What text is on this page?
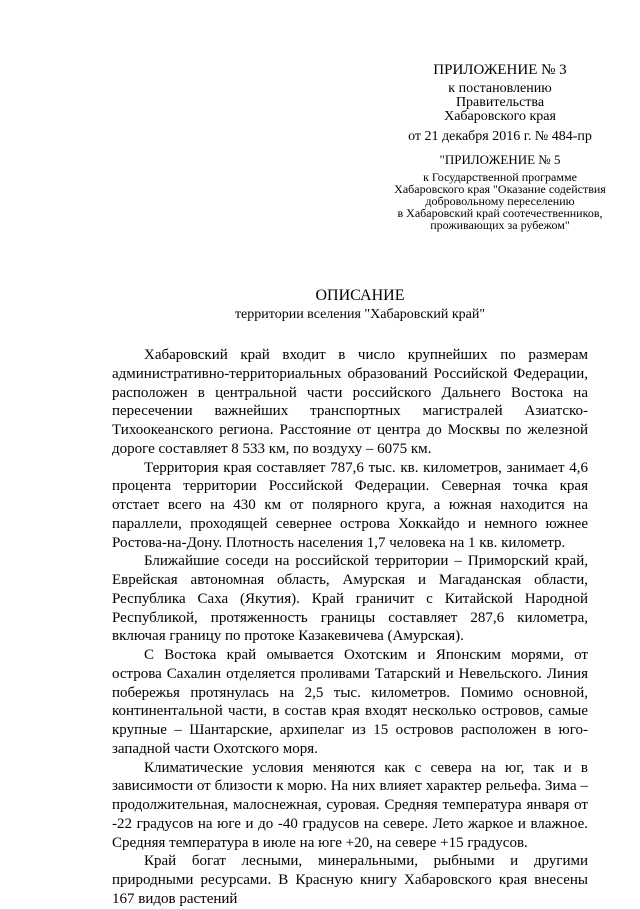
ПРИЛОЖЕНИЕ № 3
к постановлению
Правительства
Хабаровского края
от 21 декабря 2016 г. № 484-пр
"ПРИЛОЖЕНИЕ № 5
к Государственной программе
Хабаровского края "Оказание содействия
добровольному переселению
в Хабаровский край соотечественников,
проживающих за рубежом"
ОПИСАНИЕ
территории вселения "Хабаровский край"

Хабаровский край входит в число крупнейших по размерам административно-территориальных образований Российской Федерации, расположен в центральной части российского Дальнего Востока на пересечении важнейших транспортных магистралей Азиатско-Тихоокеанского региона. Расстояние от центра до Москвы по железной дороге составляет 8 533 км, по воздуху – 6075 км.

Территория края составляет 787,6 тыс. кв. километров, занимает 4,6 процента территории Российской Федерации. Северная точка края отстает всего на 430 км от полярного круга, а южная находится на параллели, проходящей севернее острова Хоккайдо и немного южнее Ростова-на-Дону. Плотность населения 1,7 человека на 1 кв. километр.

Ближайшие соседи на российской территории – Приморский край, Еврейская автономная область, Амурская и Магаданская области, Республика Саха (Якутия). Край граничит с Китайской Народной Республикой, протяженность границы составляет 287,6 километра, включая границу по протоке Казакевичева (Амурская).

С Востока край омывается Охотским и Японским морями, от острова Сахалин отделяется проливами Татарский и Невельского. Линия побережья протянулась на 2,5 тыс. километров. Помимо основной, континентальной части, в состав края входят несколько островов, самые крупные – Шантарские, архипелаг из 15 островов расположен в юго-западной части Охотского моря.

Климатические условия меняются как с севера на юг, так и в зависимости от близости к морю. На них влияет характер рельефа. Зима – продолжительная, малоснежная, суровая. Средняя температура января от -22 градусов на юге и до -40 градусов на севере. Лето жаркое и влажное. Средняя температура в июле на юге +20, на севере +15 градусов.

Край богат лесными, минеральными, рыбными и другими природными ресурсами. В Красную книгу Хабаровского края внесены 167 видов растений
